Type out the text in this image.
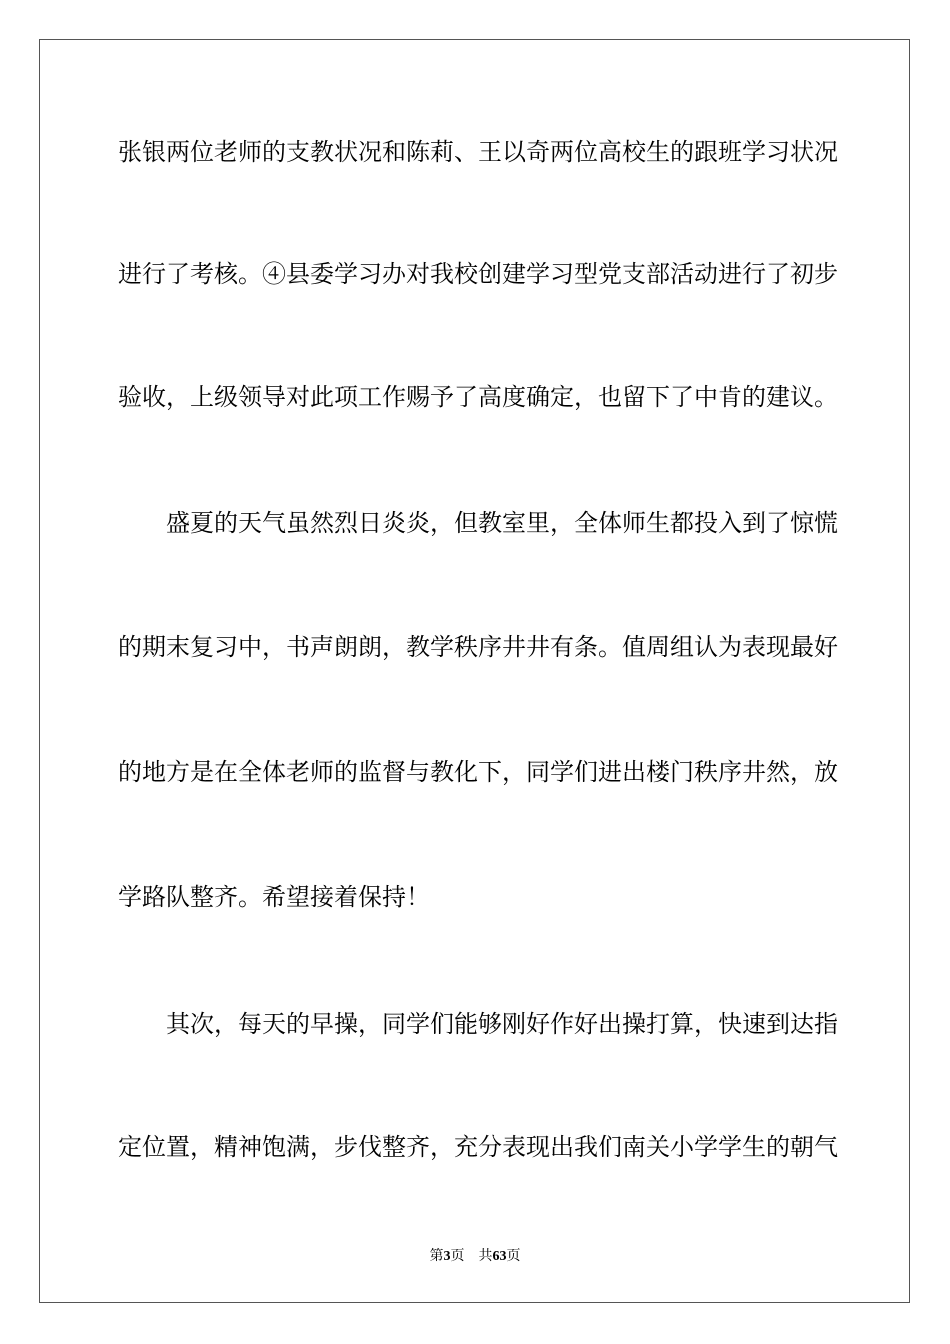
张银两位老师的支教状况和陈莉、王以奇两位高校生的跟班学习状况
进行了考核。④县委学习办对我校创建学习型党支部活动进行了初步
验收，上级领导对此项工作赐予了高度确定，也留下了中肯的建议。
盛夏的天气虽然烈日炎炎，但教室里，全体师生都投入到了惊慌
的期末复习中，书声朗朗，教学秩序井井有条。值周组认为表现最好
的地方是在全体老师的监督与教化下，同学们进出楼门秩序井然，放
学路队整齐。希望接着保持！
其次，每天的早操，同学们能够刚好作好出操打算，快速到达指
定位置，精神饱满，步伐整齐，充分表现出我们南关小学学生的朝气
第3页 共63页
